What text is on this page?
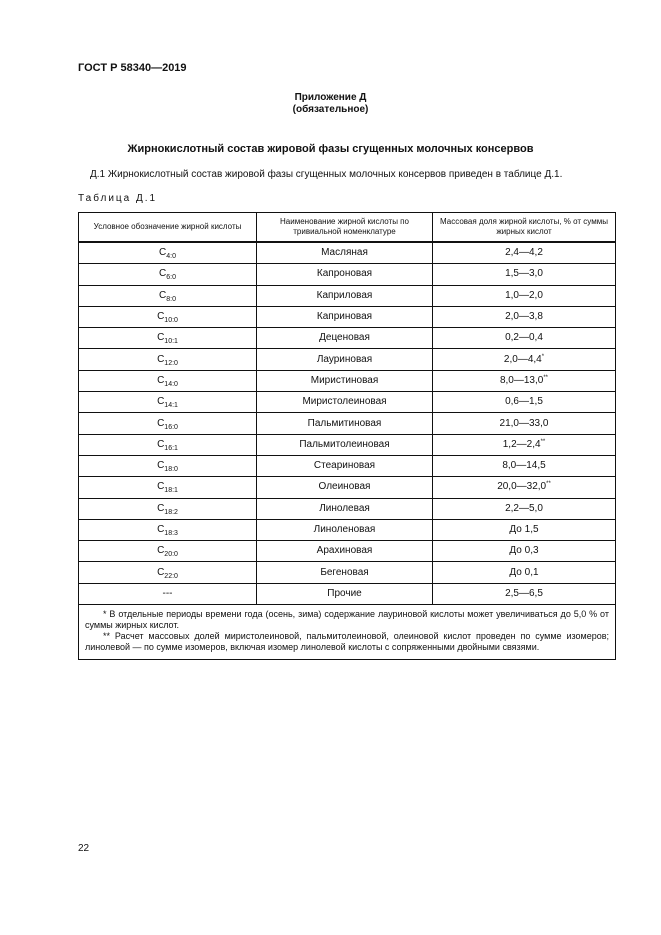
ГОСТ Р 58340—2019
Приложение Д
(обязательное)
Жирнокислотный состав жировой фазы сгущенных молочных консервов
Д.1 Жирнокислотный состав жировой фазы сгущенных молочных консервов приведен в таблице Д.1.
Таблица Д.1
Условное обозначение жирной кислоты	Наименование жирной кислоты по тривиальной номенклатуре	Массовая доля жирной кислоты, % от суммы жирных кислот
$C_{4:0}$	Масляная	2,4—4,2
$C_{6:0}$	Капроновая	1,5—3,0
$C_{8:0}$	Каприловая	1,0—2,0
$C_{10:0}$	Каприновая	2,0—3,8
$C_{10:1}$	Деценовая	0,2—0,4
$C_{12:0}$	Лауриновая	2,0—4,4*
$C_{14:0}$	Миристиновая	8,0—13,0**
$C_{14:1}$	Миристолеиновая	0,6—1,5
$C_{16:0}$	Пальмитиновая	21,0—33,0
$C_{16:1}$	Пальмитолеиновая	1,2—2,4**
$C_{18:0}$	Стеариновая	8,0—14,5
$C_{18:1}$	Олеиновая	20,0—32,0**
$C_{18:2}$	Линолевая	2,2—5,0
$C_{18:3}$	Линоленовая	До 1,5
$C_{20:0}$	Арахиновая	До 0,3
$C_{22:0}$	Бегеновая	До 0,1
---	Прочие	2,5—6,5

* В отдельные периоды времени года (осень, зима) содержание лауриновой кислоты может увеличиваться до 5,0 % от суммы жирных кислот.

** Расчет массовых долей миристолеиновой, пальмитолеиновой, олеиновой кислот проведен по сумме изомеров; линолевой — по сумме изомеров, включая изомер линолевой кислоты с сопряженными двойными связями.		

22
